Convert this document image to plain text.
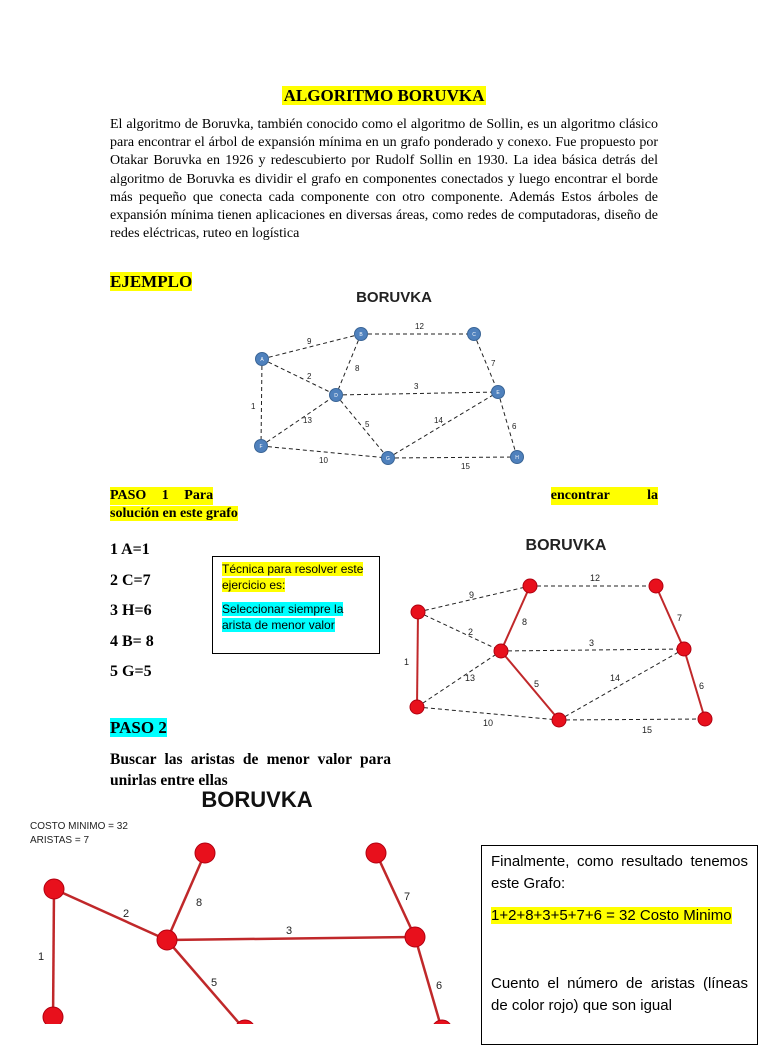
ALGORITMO BORUVKA
El algoritmo de Boruvka, también conocido como el algoritmo de Sollin, es un algoritmo clásico para encontrar el árbol de expansión mínima en un grafo ponderado y conexo. Fue propuesto por Otakar Boruvka en 1926 y redescubierto por Rudolf Sollin en 1930. La idea básica detrás del algoritmo de Boruvka es dividir el grafo en componentes conectados y luego encontrar el borde más pequeño que conecta cada componente con otro componente. Además Estos árboles de expansión mínima tienen aplicaciones en diversas áreas, como redes de computadoras, diseño de redes eléctricas, ruteo en logística
EJEMPLO
BORUVKA
9
12
8
7
2
3
1
13	5	14
6
10
15
A
B	C
D	E
F
G	H
PASO 1 Para	encontrar la
solución en este grafo
1 A=1
2 C=7
3 H=6
4 B= 8
5 G=5

Técnica para resolver este ejercicio es:

Seleccionar siempre la arista de menor valor

BORUVKA
9
12
8	7
2
3
1
13
5
14
6
10
15
PASO 2
Buscar las aristas de menor valor para unirlas entre ellas
BORUVKA
COSTO MINIMO = 32
ARISTAS = 7
8
2
7
1
3
5	6

Finalmente, como resultado tenemos este Grafo:

1+2+8+3+5+7+6 = 32 Costo Minimo

Cuento el número de aristas (líneas de color rojo) que son igual
